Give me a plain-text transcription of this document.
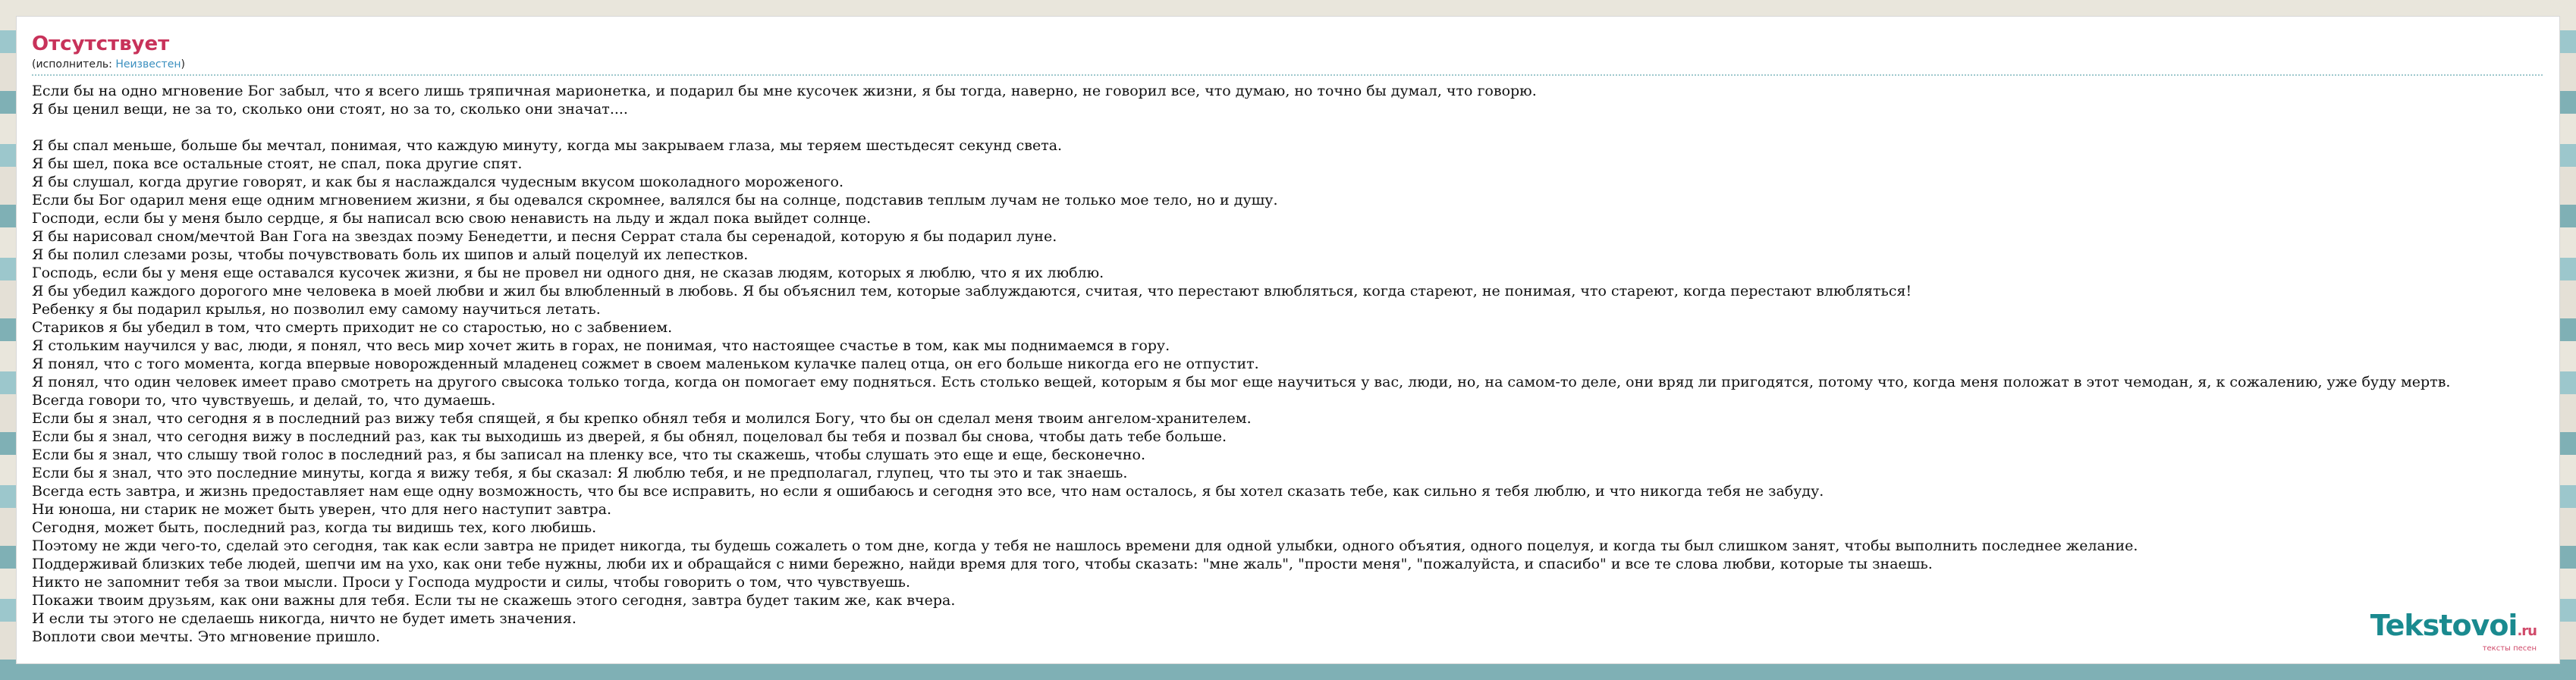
Отсутствует
(исполнитель: Неизвестен)
Если бы на одно мгновение Бог забыл, что я всего лишь тряпичная марионетка, и подарил бы мне кусочек жизни, я бы тогда, наверно, не говорил все, что думаю, но точно бы думал, что говорю.
Я бы ценил вещи, не за то, сколько они стоят, но за то, сколько они значат....
Я бы спал меньше, больше бы мечтал, понимая, что каждую минуту, когда мы закрываем глаза, мы теряем шестьдесят секунд света.
Я бы шел, пока все остальные стоят, не спал, пока другие спят.
Я бы слушал, когда другие говорят, и как бы я наслаждался чудесным вкусом шоколадного мороженого.
Если бы Бог одарил меня еще одним мгновением жизни, я бы одевался скромнее, валялся бы на солнце, подставив теплым лучам не только мое тело, но и душу.
Господи, если бы у меня было сердце, я бы написал всю свою ненависть на льду и ждал пока выйдет солнце.
Я бы нарисовал сном/мечтой Ван Гога на звездах поэму Бенедетти, и песня Серрат стала бы серенадой, которую я бы подарил луне.
Я бы полил слезами розы, чтобы почувствовать боль их шипов и алый поцелуй их лепестков.
Господь, если бы у меня еще оставался кусочек жизни, я бы не провел ни одного дня, не сказав людям, которых я люблю, что я их люблю.
Я бы убедил каждого дорогого мне человека в моей любви и жил бы влюбленный в любовь. Я бы объяснил тем, которые заблуждаются, считая, что перестают влюбляться, когда стареют, не понимая, что стареют, когда перестают влюбляться!
Ребенку я бы подарил крылья, но позволил ему самому научиться летать.
Стариков я бы убедил в том, что смерть приходит не со старостью, но с забвением.
Я стольким научился у вас, люди, я понял, что весь мир хочет жить в горах, не понимая, что настоящее счастье в том, как мы поднимаемся в гору.
Я понял, что с того момента, когда впервые новорожденный младенец сожмет в своем маленьком кулачке палец отца, он его больше никогда его не отпустит.
Я понял, что один человек имеет право смотреть на другого свысока только тогда, когда он помогает ему подняться. Есть столько вещей, которым я бы мог еще научиться у вас, люди, но, на самом-то деле, они вряд ли пригодятся, потому что, когда меня положат в этот чемодан, я, к сожалению, уже буду мертв.
Всегда говори то, что чувствуешь, и делай, то, что думаешь.
Если бы я знал, что сегодня я в последний раз вижу тебя спящей, я бы крепко обнял тебя и молился Богу, что бы он сделал меня твоим ангелом-хранителем.
Если бы я знал, что сегодня вижу в последний раз, как ты выходишь из дверей, я бы обнял, поцеловал бы тебя и позвал бы снова, чтобы дать тебе больше.
Если бы я знал, что слышу твой голос в последний раз, я бы записал на пленку все, что ты скажешь, чтобы слушать это еще и еще, бесконечно.
Если бы я знал, что это последние минуты, когда я вижу тебя, я бы сказал: Я люблю тебя, и не предполагал, глупец, что ты это и так знаешь.
Всегда есть завтра, и жизнь предоставляет нам еще одну возможность, что бы все исправить, но если я ошибаюсь и сегодня это все, что нам осталось, я бы хотел сказать тебе, как сильно я тебя люблю, и что никогда тебя не забуду.
Ни юноша, ни старик не может быть уверен, что для него наступит завтра.
Сегодня, может быть, последний раз, когда ты видишь тех, кого любишь.
Поэтому не жди чего-то, сделай это сегодня, так как если завтра не придет никогда, ты будешь сожалеть о том дне, когда у тебя не нашлось времени для одной улыбки, одного объятия, одного поцелуя, и когда ты был слишком занят, чтобы выполнить последнее желание.
Поддерживай близких тебе людей, шепчи им на ухо, как они тебе нужны, люби их и обращайся с ними бережно, найди время для того, чтобы сказать: "мне жаль", "прости меня", "пожалуйста, и спасибо" и все те слова любви, которые ты знаешь.
Никто не запомнит тебя за твои мысли. Проси у Господа мудрости и силы, чтобы говорить о том, что чувствуешь.
Покажи твоим друзьям, как они важны для тебя. Если ты не скажешь этого сегодня, завтра будет таким же, как вчера.
И если ты этого не сделаешь никогда, ничто не будет иметь значения.
Воплоти свои мечты. Это мгновение пришло.	Tekstovoi.ru
тексты песен
